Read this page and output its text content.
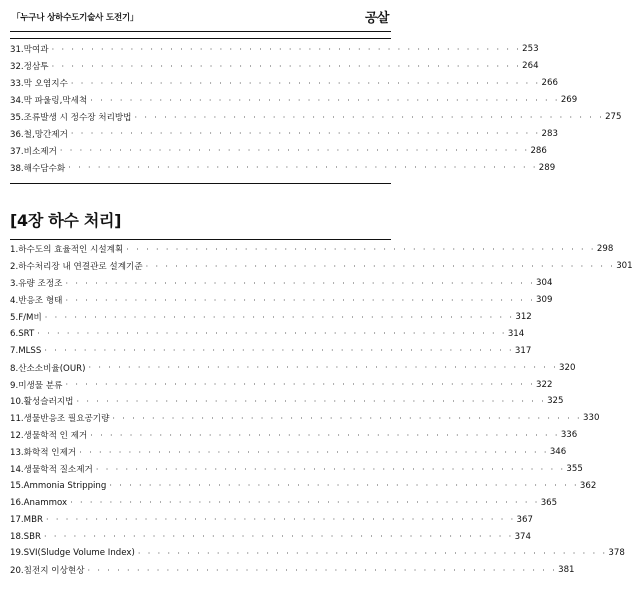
「누구나 상하수도기술사 도전기」	공살
31.막여과 · · · · · · · · · · · · · · · · · · · · · · · · · · · · · · · · · · · · · · · · · · · · · · · · 253
32.정삼투 · · · · · · · · · · · · · · · · · · · · · · · · · · · · · · · · · · · · · · · · · · · · · · · · 264
33.막 오염지수 · · · · · · · · · · · · · · · · · · · · · · · · · · · · · · · · · · · · · · · · · · · · · · · · 266
34.막 파울링,막세척 · · · · · · · · · · · · · · · · · · · · · · · · · · · · · · · · · · · · · · · · · · · · · · · · 269
35.조류발생 시 정수장 처리방법 · · · · · · · · · · · · · · · · · · · · · · · · · · · · · · · · · · · · · · · · · · · · · · · · 275
36.철,망간제거 · · · · · · · · · · · · · · · · · · · · · · · · · · · · · · · · · · · · · · · · · · · · · · · · 283
37.비소제거 · · · · · · · · · · · · · · · · · · · · · · · · · · · · · · · · · · · · · · · · · · · · · · · · 286
38.해수담수화 · · · · · · · · · · · · · · · · · · · · · · · · · · · · · · · · · · · · · · · · · · · · · · · · 289
[4장 하수 처리]
1.하수도의 효율적인 시설계획 · · · · · · · · · · · · · · · · · · · · · · · · · · · · · · · · · · · · · · · · · · · · · · · · 298
2.하수처리장 내 연결관로 설계기준 · · · · · · · · · · · · · · · · · · · · · · · · · · · · · · · · · · · · · · · · · · · · · · · · 301
3.유량 조정조 · · · · · · · · · · · · · · · · · · · · · · · · · · · · · · · · · · · · · · · · · · · · · · · · 304
4.반응조 형태 · · · · · · · · · · · · · · · · · · · · · · · · · · · · · · · · · · · · · · · · · · · · · · · · 309
5.F/M비 · · · · · · · · · · · · · · · · · · · · · · · · · · · · · · · · · · · · · · · · · · · · · · · · 312
6.SRT · · · · · · · · · · · · · · · · · · · · · · · · · · · · · · · · · · · · · · · · · · · · · · · · 314
7.MLSS · · · · · · · · · · · · · · · · · · · · · · · · · · · · · · · · · · · · · · · · · · · · · · · · 317
8.산소소비율(OUR) · · · · · · · · · · · · · · · · · · · · · · · · · · · · · · · · · · · · · · · · · · · · · · · · 320
9.미생물 분류 · · · · · · · · · · · · · · · · · · · · · · · · · · · · · · · · · · · · · · · · · · · · · · · · 322
10.활성슬러지법 · · · · · · · · · · · · · · · · · · · · · · · · · · · · · · · · · · · · · · · · · · · · · · · · 325
11.생물반응조 필요공기량 · · · · · · · · · · · · · · · · · · · · · · · · · · · · · · · · · · · · · · · · · · · · · · · · 330
12.생물학적 인 제거 · · · · · · · · · · · · · · · · · · · · · · · · · · · · · · · · · · · · · · · · · · · · · · · · 336
13.화학적 인제거 · · · · · · · · · · · · · · · · · · · · · · · · · · · · · · · · · · · · · · · · · · · · · · · · 346
14.생물학적 질소제거 · · · · · · · · · · · · · · · · · · · · · · · · · · · · · · · · · · · · · · · · · · · · · · · · 355
15.Ammonia Stripping · · · · · · · · · · · · · · · · · · · · · · · · · · · · · · · · · · · · · · · · · · · · · · · · 362
16.Anammox · · · · · · · · · · · · · · · · · · · · · · · · · · · · · · · · · · · · · · · · · · · · · · · · 365
17.MBR · · · · · · · · · · · · · · · · · · · · · · · · · · · · · · · · · · · · · · · · · · · · · · · · 367
18.SBR · · · · · · · · · · · · · · · · · · · · · · · · · · · · · · · · · · · · · · · · · · · · · · · · 374
19.SVI(Sludge Volume Index) · · · · · · · · · · · · · · · · · · · · · · · · · · · · · · · · · · · · · · · · · · · · · · · · 378
20.침전지 이상현상 · · · · · · · · · · · · · · · · · · · · · · · · · · · · · · · · · · · · · · · · · · · · · · · · 381
